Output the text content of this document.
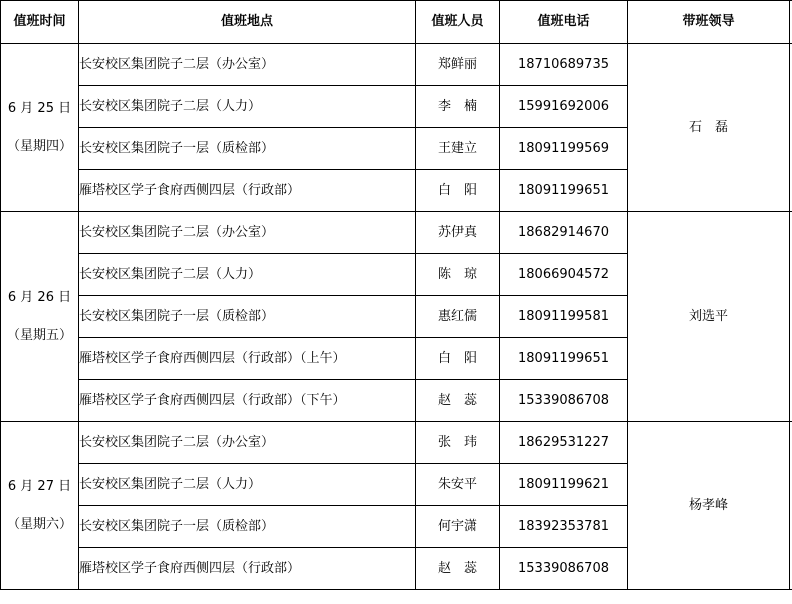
值班时间	值班地点	值班人员	值班电话	带班领导	

6 月 25 日
（星期四）	长安校区集团院子二层（办公室）	郑鲜丽	18710689735	石　磊	
	长安校区集团院子二层（人力）	李　楠	15991692006		
	长安校区集团院子一层（质检部）	王建立	18091199569		
	雁塔校区学子食府西侧四层（行政部）	白　阳	18091199651		

6 月 26 日
（星期五）	长安校区集团院子二层（办公室）	苏伊真	18682914670	刘选平	
	长安校区集团院子二层（人力）	陈　琼	18066904572		
	长安校区集团院子一层（质检部）	惠红儒	18091199581		
	雁塔校区学子食府西侧四层（行政部）（上午）	白　阳	18091199651		
	雁塔校区学子食府西侧四层（行政部）（下午）	赵　蕊	15339086708		

6 月 27 日
（星期六）	长安校区集团院子二层（办公室）	张　玮	18629531227	杨孝峰	
	长安校区集团院子二层（人力）	朱安平	18091199621		
	长安校区集团院子一层（质检部）	何宇潇	18392353781		
	雁塔校区学子食府西侧四层（行政部）	赵　蕊	15339086708		
